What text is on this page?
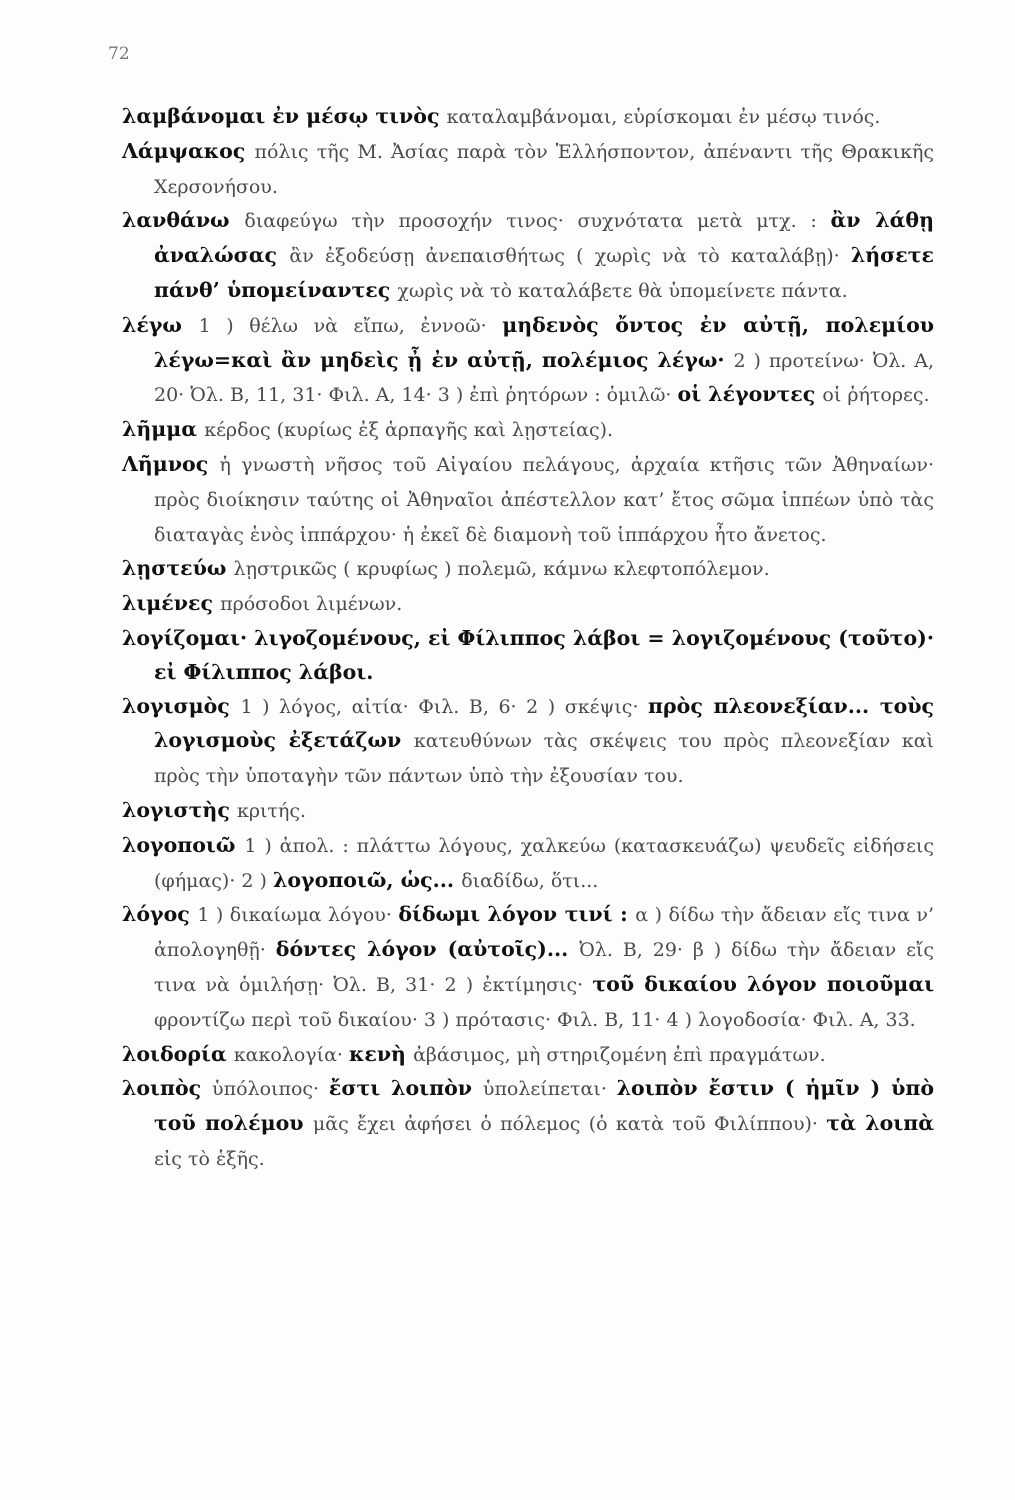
72

λαμβάνομαι ἐν μέσῳ τινὸς καταλαμβάνομαι, εὑρίσκομαι ἐν μέσῳ τινός.

Λάμψακος πόλις τῆς Μ. Ἀσίας παρὰ τὸν Ἑλλήσποντον, ἀπέναντι τῆς Θρακικῆς Χερσονήσου.

λανθάνω διαφεύγω τὴν προσοχήν τινος· συχνότατα μετὰ μτχ. : ἂν λάθῃ ἀναλώσας ἂν ἐξοδεύσῃ ἀνεπαισθήτως ( χωρὶς νὰ τὸ καταλάβῃ)· λήσετε πάνθ’ ὑπομείναντες χωρὶς νὰ τὸ καταλάβετε θὰ ὑπομείνετε πάντα.

λέγω 1 ) θέλω νὰ εἴπω, ἐννοῶ· μηδενὸς ὄντος ἐν αὐτῇ, πολεμίου λέγω=καὶ ἂν μηδεὶς ᾖ ἐν αὐτῇ, πολέμιος λέγω· 2 ) προτείνω· Ὀλ. Α, 20· Ὀλ. Β, 11, 31· Φιλ. Α, 14· 3 ) ἐπὶ ῥητόρων : ὁμιλῶ· οἱ λέγοντες οἱ ῥήτορες.

λῆμμα κέρδος (κυρίως ἐξ ἁρπαγῆς καὶ λῃστείας).

Λῆμνος ἡ γνωστὴ νῆσος τοῦ Αἰγαίου πελάγους, ἀρχαία κτῆσις τῶν Ἀθηναίων· πρὸς διοίκησιν ταύτης οἱ Ἀθηναῖοι ἀπέστελλον κατ’ ἔτος σῶμα ἱππέων ὑπὸ τὰς διαταγὰς ἑνὸς ἱππάρχου· ἡ ἐκεῖ δὲ διαμονὴ τοῦ ἱππάρχου ἦτο ἄνετος.

λῃστεύω λῃστρικῶς ( κρυφίως ) πολεμῶ, κάμνω κλεφτοπόλεμον.

λιμένες πρόσοδοι λιμένων.

λογίζομαι· λιγοζομένους, εἰ Φίλιππος λάβοι = λογιζομένους (τοῦτο)· εἰ Φίλιππος λάβοι.

λογισμὸς 1 ) λόγος, αἰτία· Φιλ. Β, 6· 2 ) σκέψις· πρὸς πλεονεξίαν... τοὺς λογισμοὺς ἐξετάζων κατευθύνων τὰς σκέψεις του πρὸς πλεονεξίαν καὶ πρὸς τὴν ὑποταγὴν τῶν πάντων ὑπὸ τὴν ἐξουσίαν του.

λογιστὴς κριτής.

λογοποιῶ 1 ) ἀπολ. : πλάττω λόγους, χαλκεύω (κατασκευάζω) ψευδεῖς εἰδήσεις (φήμας)· 2 ) λογοποιῶ, ὡς... διαδίδω, ὅτι...

λόγος 1 ) δικαίωμα λόγου· δίδωμι λόγον τινί : α ) δίδω τὴν ἄδειαν εἴς τινα ν’ ἀπολογηθῇ· δόντες λόγον (αὐτοῖς)... Ὀλ. Β, 29· β ) δίδω τὴν ἄδειαν εἴς τινα νὰ ὁμιλήσῃ· Ὀλ. Β, 31· 2 ) ἐκτίμησις· τοῦ δικαίου λόγον ποιοῦμαι φροντίζω περὶ τοῦ δικαίου· 3 ) πρότασις· Φιλ. Β, 11· 4 ) λογοδοσία· Φιλ. Α, 33.

λοιδορία κακολογία· κενὴ ἀβάσιμος, μὴ στηριζομένη ἐπὶ πραγμάτων.

λοιπὸς ὑπόλοιπος· ἔστι λοιπὸν ὑπολείπεται· λοιπὸν ἔστιν ( ἡμῖν ) ὑπὸ τοῦ πολέμου μᾶς ἔχει ἀφήσει ὁ πόλεμος (ὁ κατὰ τοῦ Φιλίππου)· τὰ λοιπὰ εἰς τὸ ἑξῆς.
